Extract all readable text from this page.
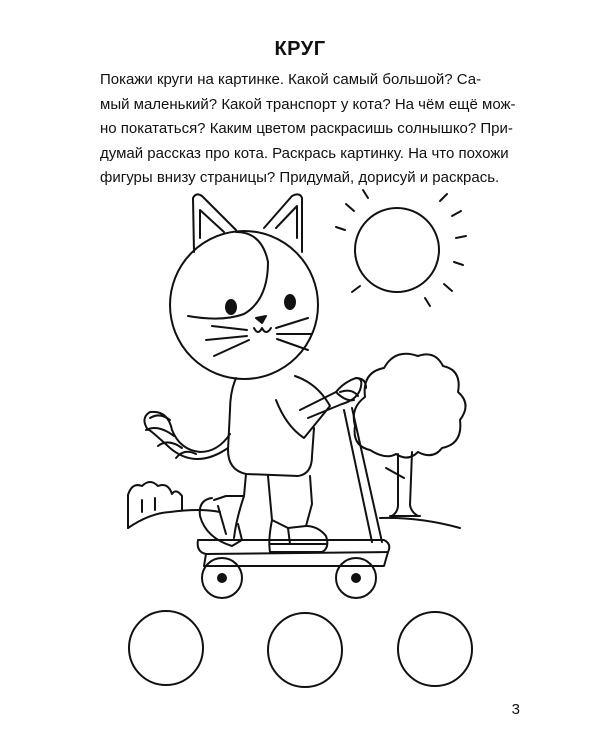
КРУГ
Покажи круги на картинке. Какой самый большой? Са-
мый маленький? Какой транспорт у кота? На чём ещё мож-
но покататься? Каким цветом раскрасишь солнышко? При-
думай рассказ про кота. Раскрась картинку. На что похожи
фигуры внизу страницы? Придумай, дорисуй и раскрась.
3
